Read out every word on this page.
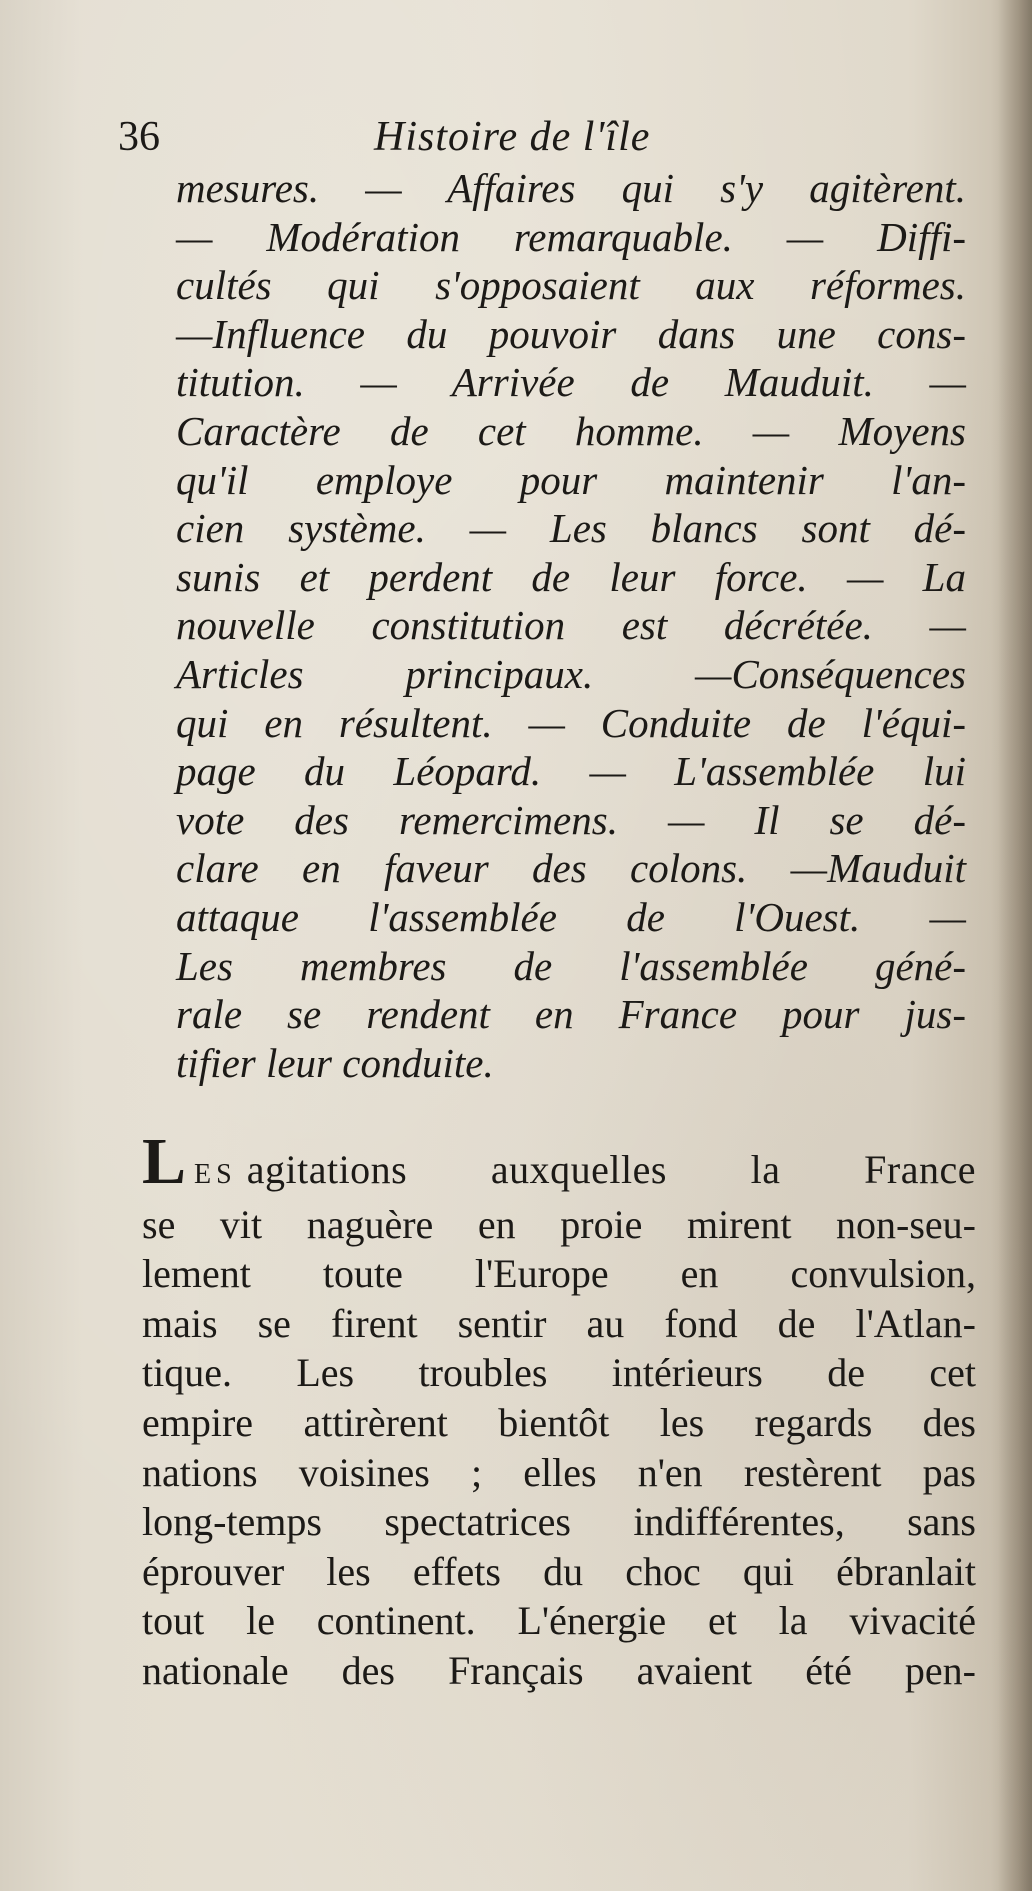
36	Histoire de l'île
mesures. — Affaires qui s'y agitèrent.
— Modération remarquable. — Diffi-
cultés qui s'opposaient aux réformes.
—Influence du pouvoir dans une cons-
titution. — Arrivée de Mauduit. —
Caractère de cet homme. — Moyens
qu'il employe pour maintenir l'an-
cien système. — Les blancs sont dé-
sunis et perdent de leur force. — La
nouvelle constitution est décrétée. —
Articles principaux. —Conséquences
qui en résultent. — Conduite de l'équi-
page du Léopard. — L'assemblée lui
vote des remercimens. — Il se dé-
clare en faveur des colons. —Mauduit
attaque l'assemblée de l'Ouest. —
Les membres de l'assemblée géné-
rale se rendent en France pour jus-
tifier leur conduite.
LES agitations auxquelles la France
se vit naguère en proie mirent non-seu-
lement toute l'Europe en convulsion,
mais se firent sentir au fond de l'Atlan-
tique. Les troubles intérieurs de cet
empire attirèrent bientôt les regards des
nations voisines ; elles n'en restèrent pas
long-temps spectatrices indifférentes, sans
éprouver les effets du choc qui ébranlait
tout le continent. L'énergie et la vivacité
nationale des Français avaient été pen-
